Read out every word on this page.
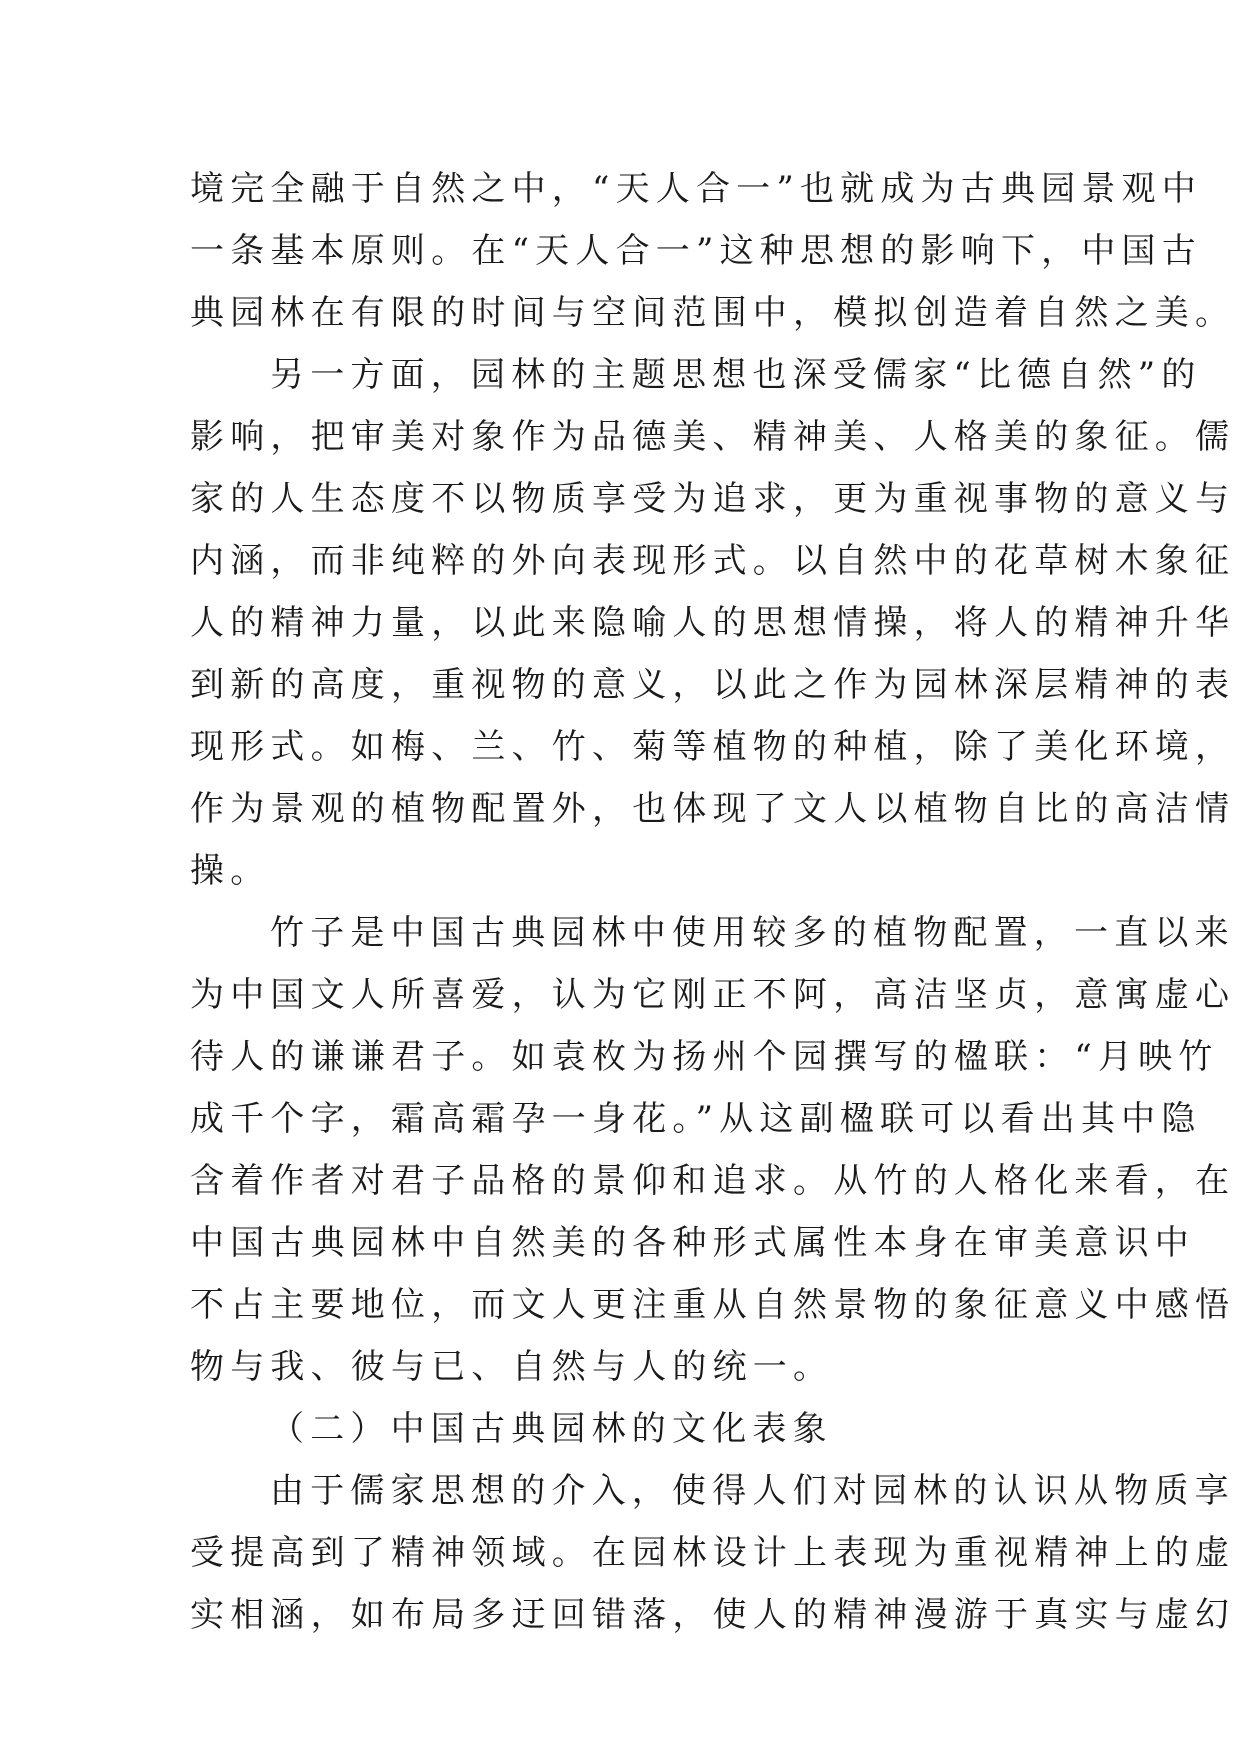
境完全融于自然之中，“天人合一”也就成为古典园景观中
一条基本原则。在“天人合一”这种思想的影响下，中国古
典园林在有限的时间与空间范围中，模拟创造着自然之美。
另一方面，园林的主题思想也深受儒家“比德自然”的
影响，把审美对象作为品德美、精神美、人格美的象征。儒
家的人生态度不以物质享受为追求，更为重视事物的意义与
内涵，而非纯粹的外向表现形式。以自然中的花草树木象征
人的精神力量，以此来隐喻人的思想情操，将人的精神升华
到新的高度，重视物的意义，以此之作为园林深层精神的表
现形式。如梅、兰、竹、菊等植物的种植，除了美化环境，
作为景观的植物配置外，也体现了文人以植物自比的高洁情
操。
竹子是中国古典园林中使用较多的植物配置，一直以来
为中国文人所喜爱，认为它刚正不阿，高洁坚贞，意寓虚心
待人的谦谦君子。如袁枚为扬州个园撰写的楹联：“月映竹
成千个字，霜高霜孕一身花。”从这副楹联可以看出其中隐
含着作者对君子品格的景仰和追求。从竹的人格化来看，在
中国古典园林中自然美的各种形式属性本身在审美意识中
不占主要地位，而文人更注重从自然景物的象征意义中感悟
物与我、彼与已、自然与人的统一。
（二）中国古典园林的文化表象
由于儒家思想的介入，使得人们对园林的认识从物质享
受提高到了精神领域。在园林设计上表现为重视精神上的虚
实相涵，如布局多迂回错落，使人的精神漫游于真实与虚幻
